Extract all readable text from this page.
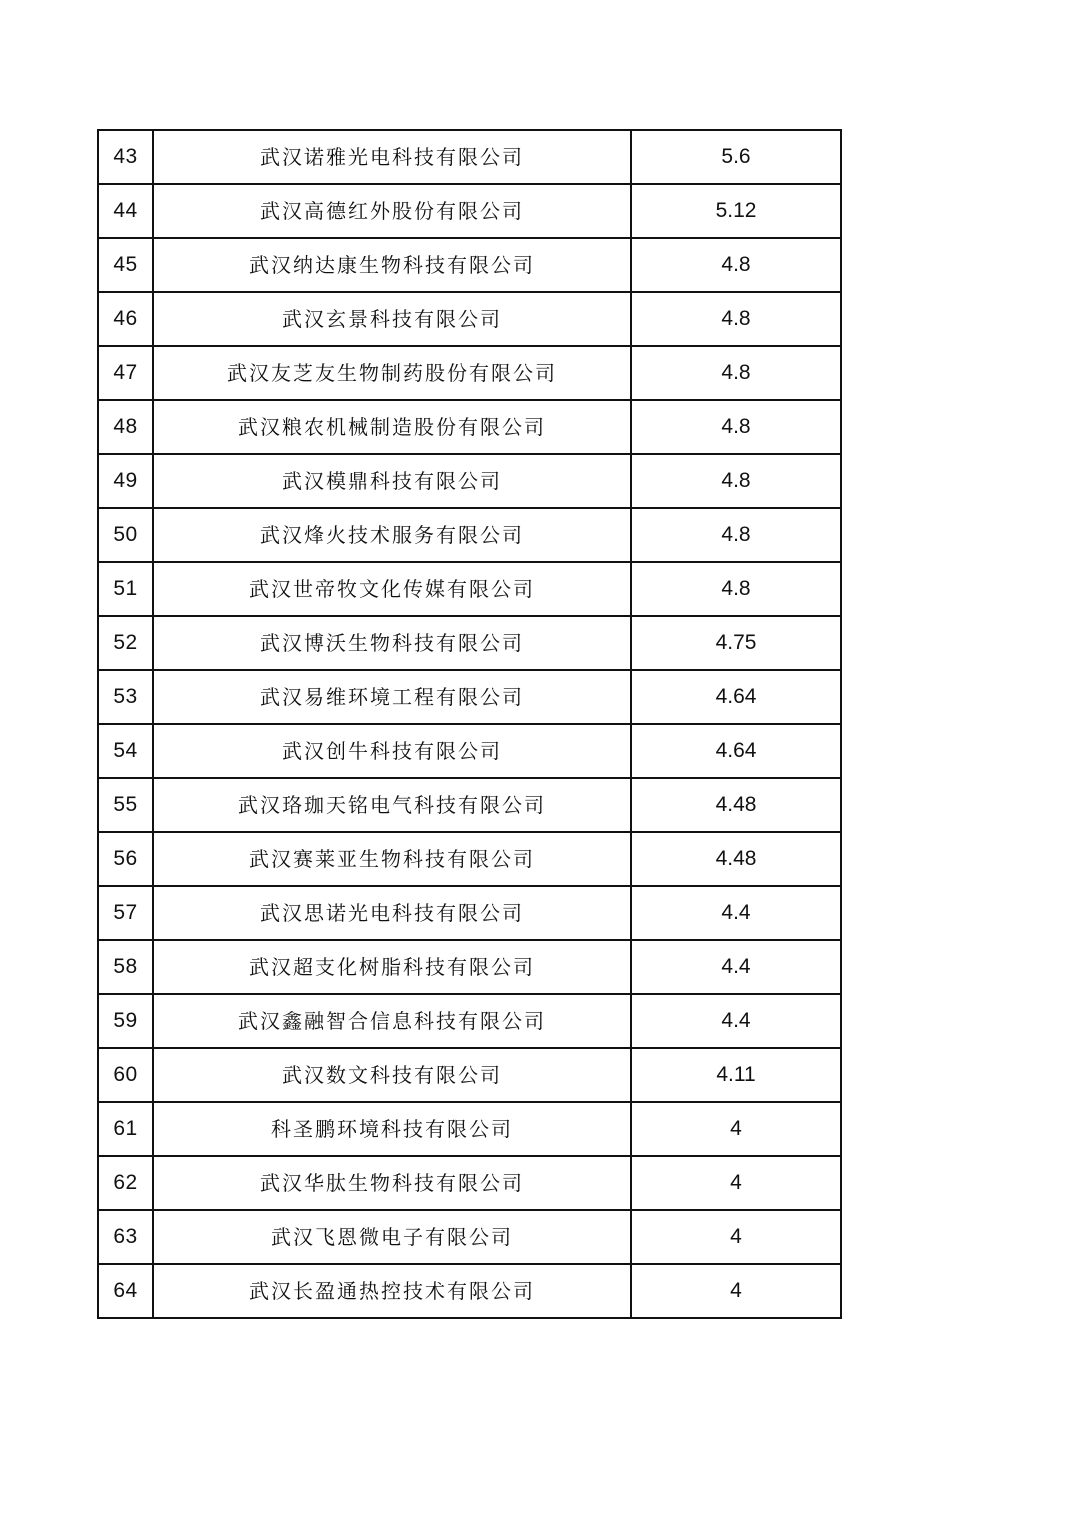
43	武汉诺雅光电科技有限公司	5.6
44	武汉高德红外股份有限公司	5.12
45	武汉纳达康生物科技有限公司	4.8
46	武汉玄景科技有限公司	4.8
47	武汉友芝友生物制药股份有限公司	4.8
48	武汉粮农机械制造股份有限公司	4.8
49	武汉模鼎科技有限公司	4.8
50	武汉烽火技术服务有限公司	4.8
51	武汉世帝牧文化传媒有限公司	4.8
52	武汉博沃生物科技有限公司	4.75
53	武汉易维环境工程有限公司	4.64
54	武汉创牛科技有限公司	4.64
55	武汉珞珈天铭电气科技有限公司	4.48
56	武汉赛莱亚生物科技有限公司	4.48
57	武汉思诺光电科技有限公司	4.4
58	武汉超支化树脂科技有限公司	4.4
59	武汉鑫融智合信息科技有限公司	4.4
60	武汉数文科技有限公司	4.11
61	科圣鹏环境科技有限公司	4
62	武汉华肽生物科技有限公司	4
63	武汉飞恩微电子有限公司	4
64	武汉长盈通热控技术有限公司	4
